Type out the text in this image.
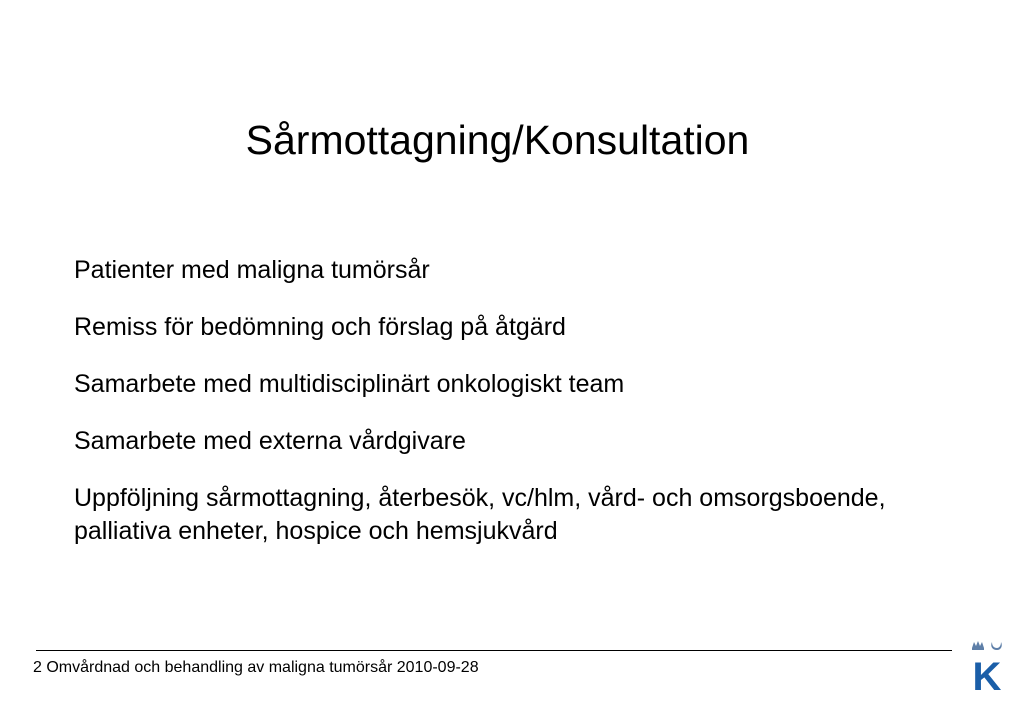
Sårmottagning/Konsultation
Patienter med maligna tumörsår
Remiss för bedömning och förslag på åtgärd
Samarbete med multidisciplinärt onkologiskt team
Samarbete med externa vårdgivare
Uppföljning sårmottagning, återbesök, vc/hlm, vård- och omsorgsboende, palliativa enheter, hospice och hemsjukvård
2 Omvårdnad och behandling av maligna tumörsår 2010-09-28	K
